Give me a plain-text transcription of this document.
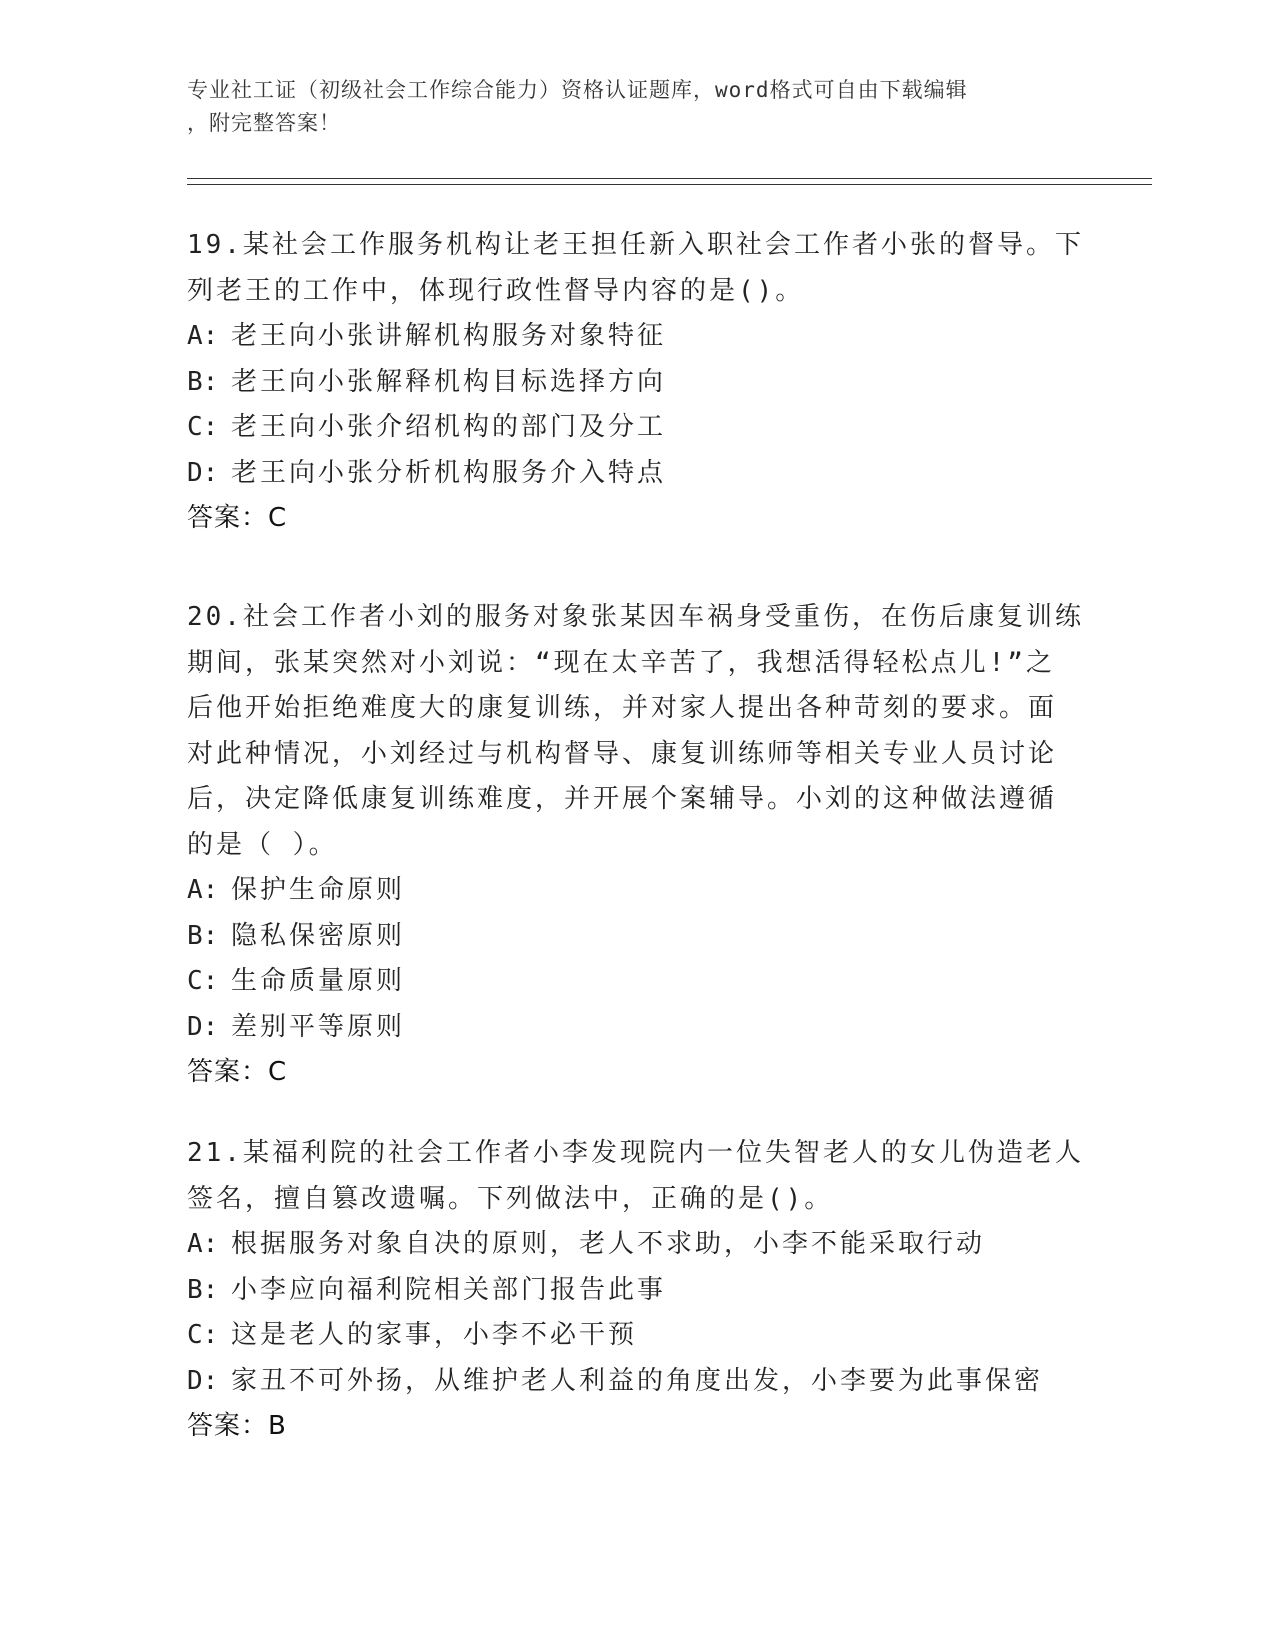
专业社工证（初级社会工作综合能力）资格认证题库，word格式可自由下载编辑
，附完整答案！
19.某社会工作服务机构让老王担任新入职社会工作者小张的督导。下
列老王的工作中，体现行政性督导内容的是()。
A: 老王向小张讲解机构服务对象特征
B: 老王向小张解释机构目标选择方向
C: 老王向小张介绍机构的部门及分工
D: 老王向小张分析机构服务介入特点
答案：C
20.社会工作者小刘的服务对象张某因车祸身受重伤，在伤后康复训练
期间，张某突然对小刘说：“现在太辛苦了，我想活得轻松点儿!”之
后他开始拒绝难度大的康复训练，并对家人提出各种苛刻的要求。面
对此种情况，小刘经过与机构督导、康复训练师等相关专业人员讨论
后，决定降低康复训练难度，并开展个案辅导。小刘的这种做法遵循
的是（ ）。
A: 保护生命原则
B: 隐私保密原则
C: 生命质量原则
D: 差别平等原则
答案：C
21.某福利院的社会工作者小李发现院内一位失智老人的女儿伪造老人
签名，擅自篡改遗嘱。下列做法中，正确的是()。
A: 根据服务对象自决的原则，老人不求助，小李不能采取行动
B: 小李应向福利院相关部门报告此事
C: 这是老人的家事，小李不必干预
D: 家丑不可外扬，从维护老人利益的角度出发，小李要为此事保密
答案：B
